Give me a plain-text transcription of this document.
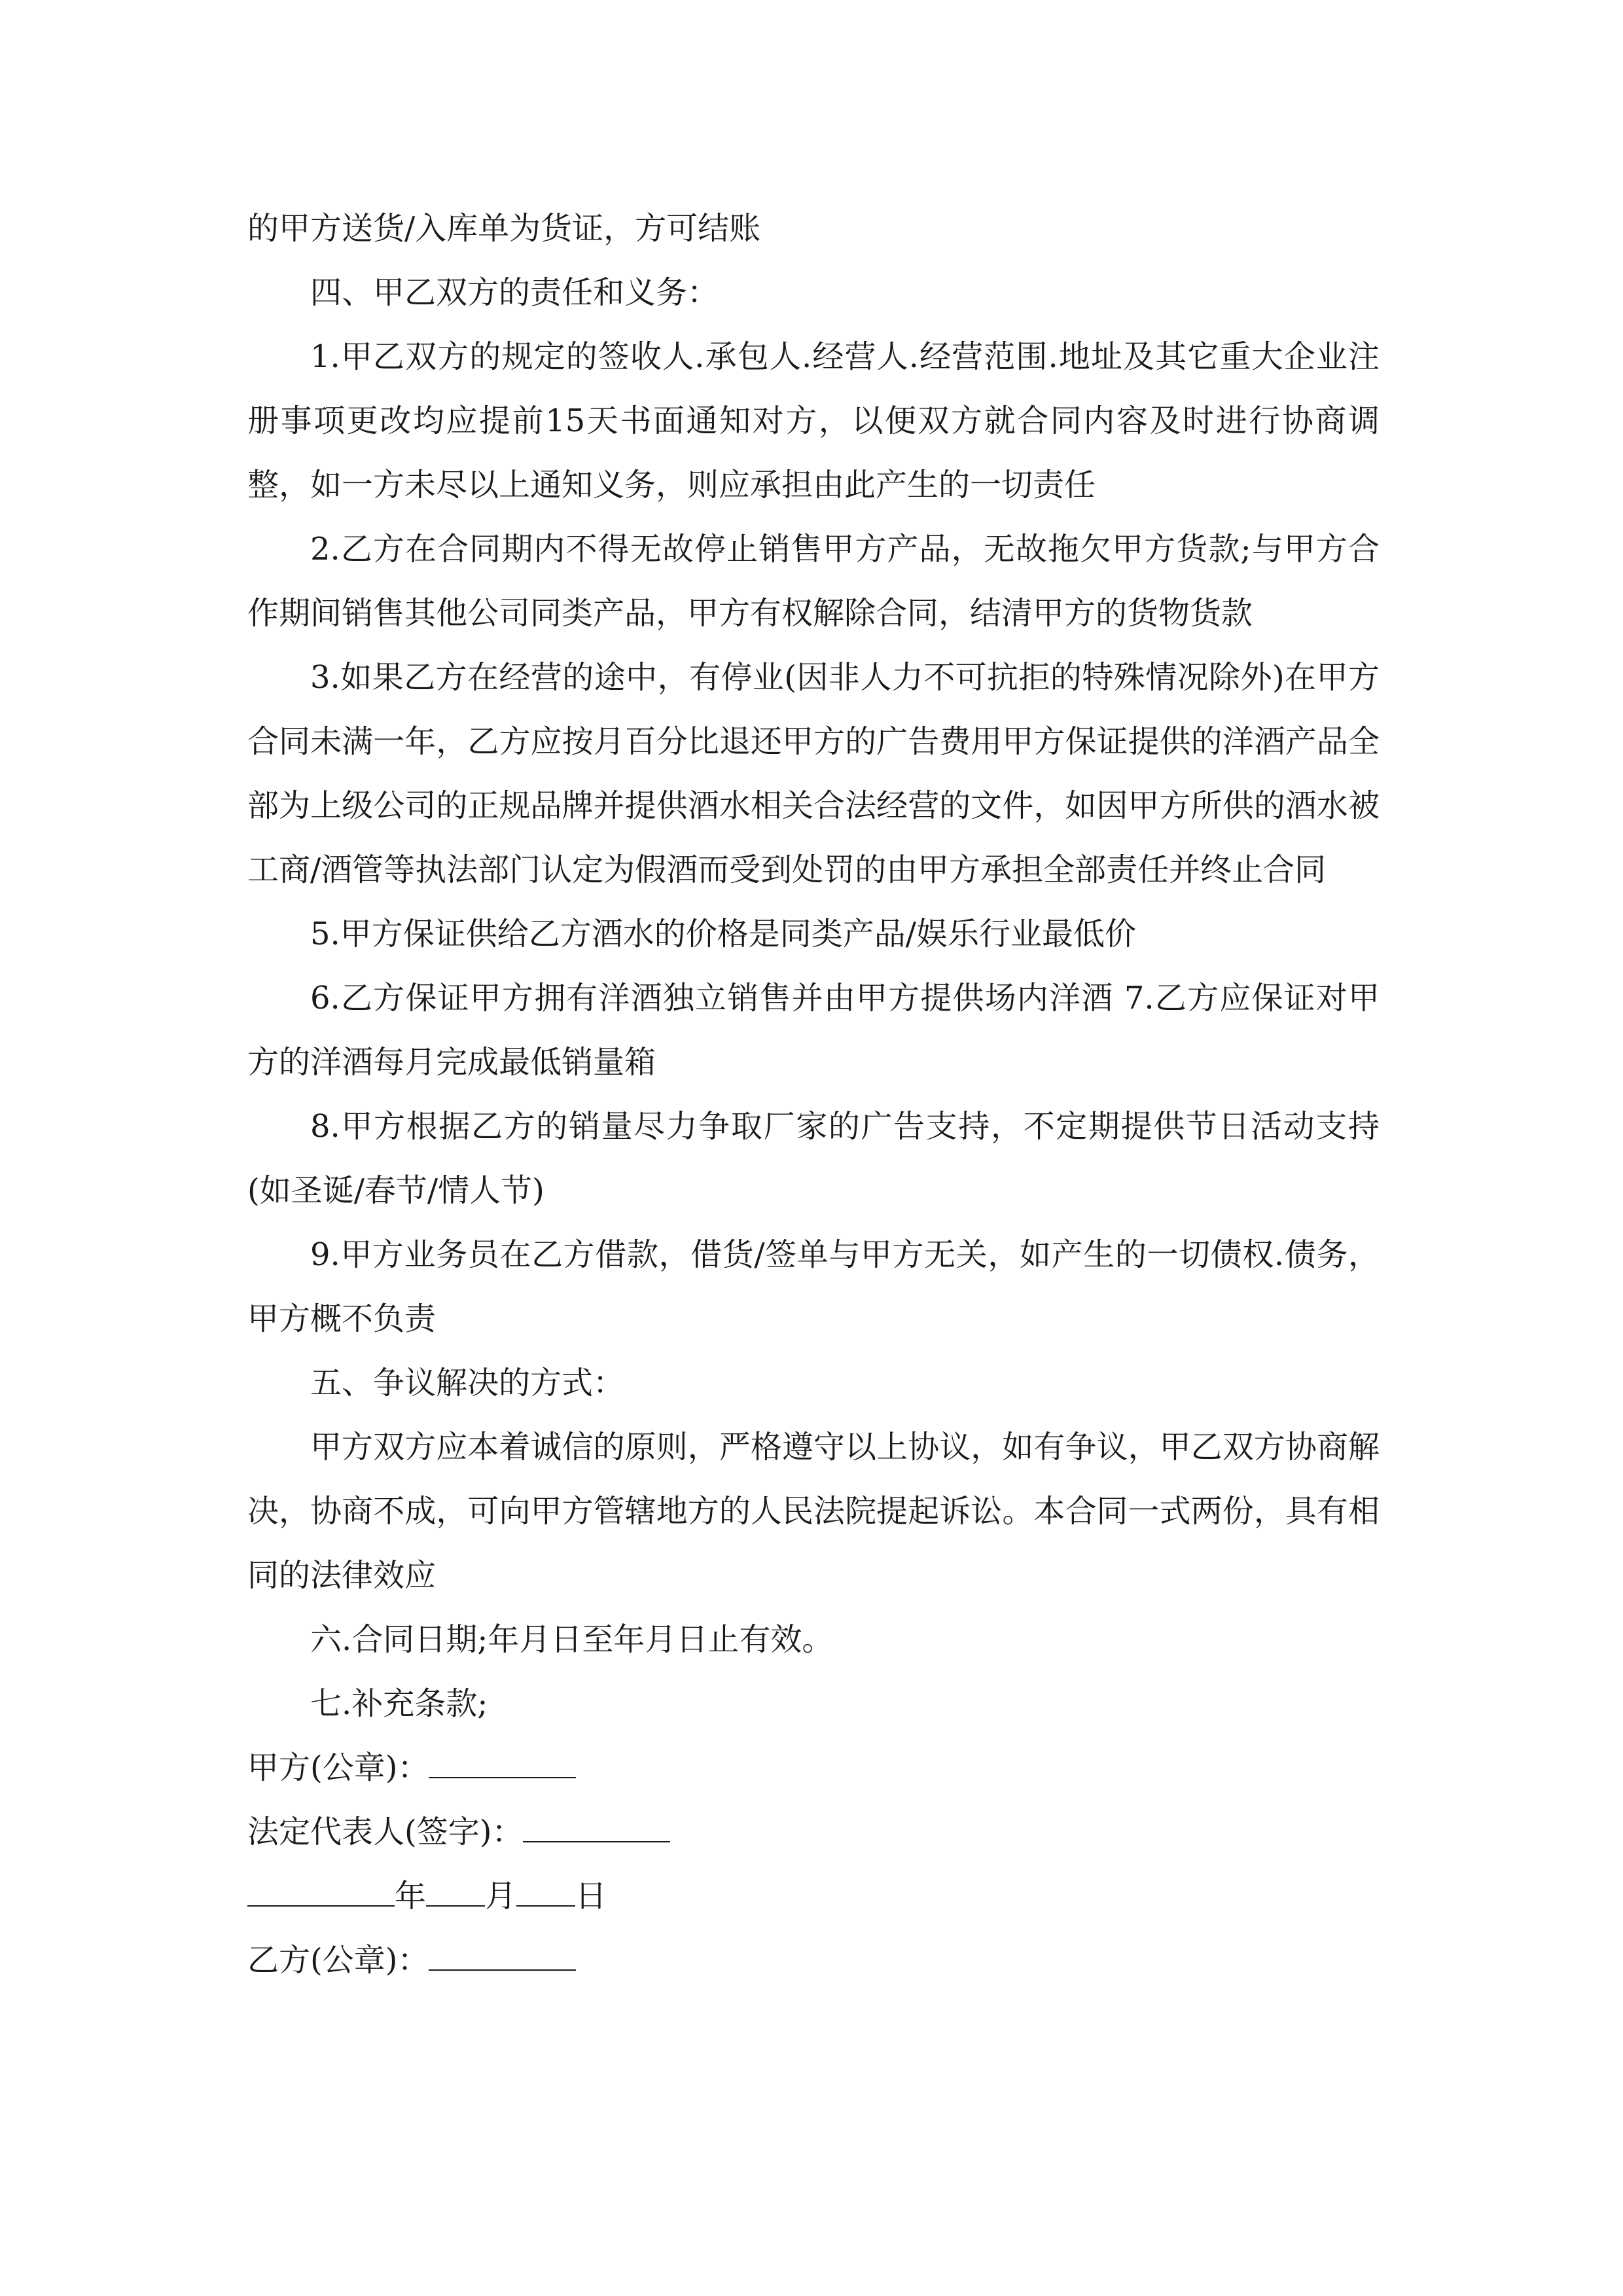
的甲方送货/入库单为货证，方可结账

四、甲乙双方的责任和义务：

1.甲乙双方的规定的签收人.承包人.经营人.经营范围.地址及其它重大企业注册事项更改均应提前15天书面通知对方，以便双方就合同内容及时进行协商调整，如一方未尽以上通知义务，则应承担由此产生的一切责任

2.乙方在合同期内不得无故停止销售甲方产品，无故拖欠甲方货款;与甲方合作期间销售其他公司同类产品，甲方有权解除合同，结清甲方的货物货款

3.如果乙方在经营的途中，有停业(因非人力不可抗拒的特殊情况除外)在甲方合同未满一年，乙方应按月百分比退还甲方的广告费用甲方保证提供的洋酒产品全部为上级公司的正规品牌并提供酒水相关合法经营的文件，如因甲方所供的酒水被工商/酒管等执法部门认定为假酒而受到处罚的由甲方承担全部责任并终止合同

5.甲方保证供给乙方酒水的价格是同类产品/娱乐行业最低价

6.乙方保证甲方拥有洋酒独立销售并由甲方提供场内洋酒 7.乙方应保证对甲方的洋酒每月完成最低销量箱

8.甲方根据乙方的销量尽力争取厂家的广告支持，不定期提供节日活动支持(如圣诞/春节/情人节)

9.甲方业务员在乙方借款，借货/签单与甲方无关，如产生的一切债权.债务，甲方概不负责

五、争议解决的方式：

甲方双方应本着诚信的原则，严格遵守以上协议，如有争议，甲乙双方协商解决，协商不成，可向甲方管辖地方的人民法院提起诉讼。本合同一式两份，具有相同的法律效应

六.合同日期;年月日至年月日止有效。

七.补充条款;

甲方(公章)：

法定代表人(签字)：

年 月 日

乙方(公章)：
